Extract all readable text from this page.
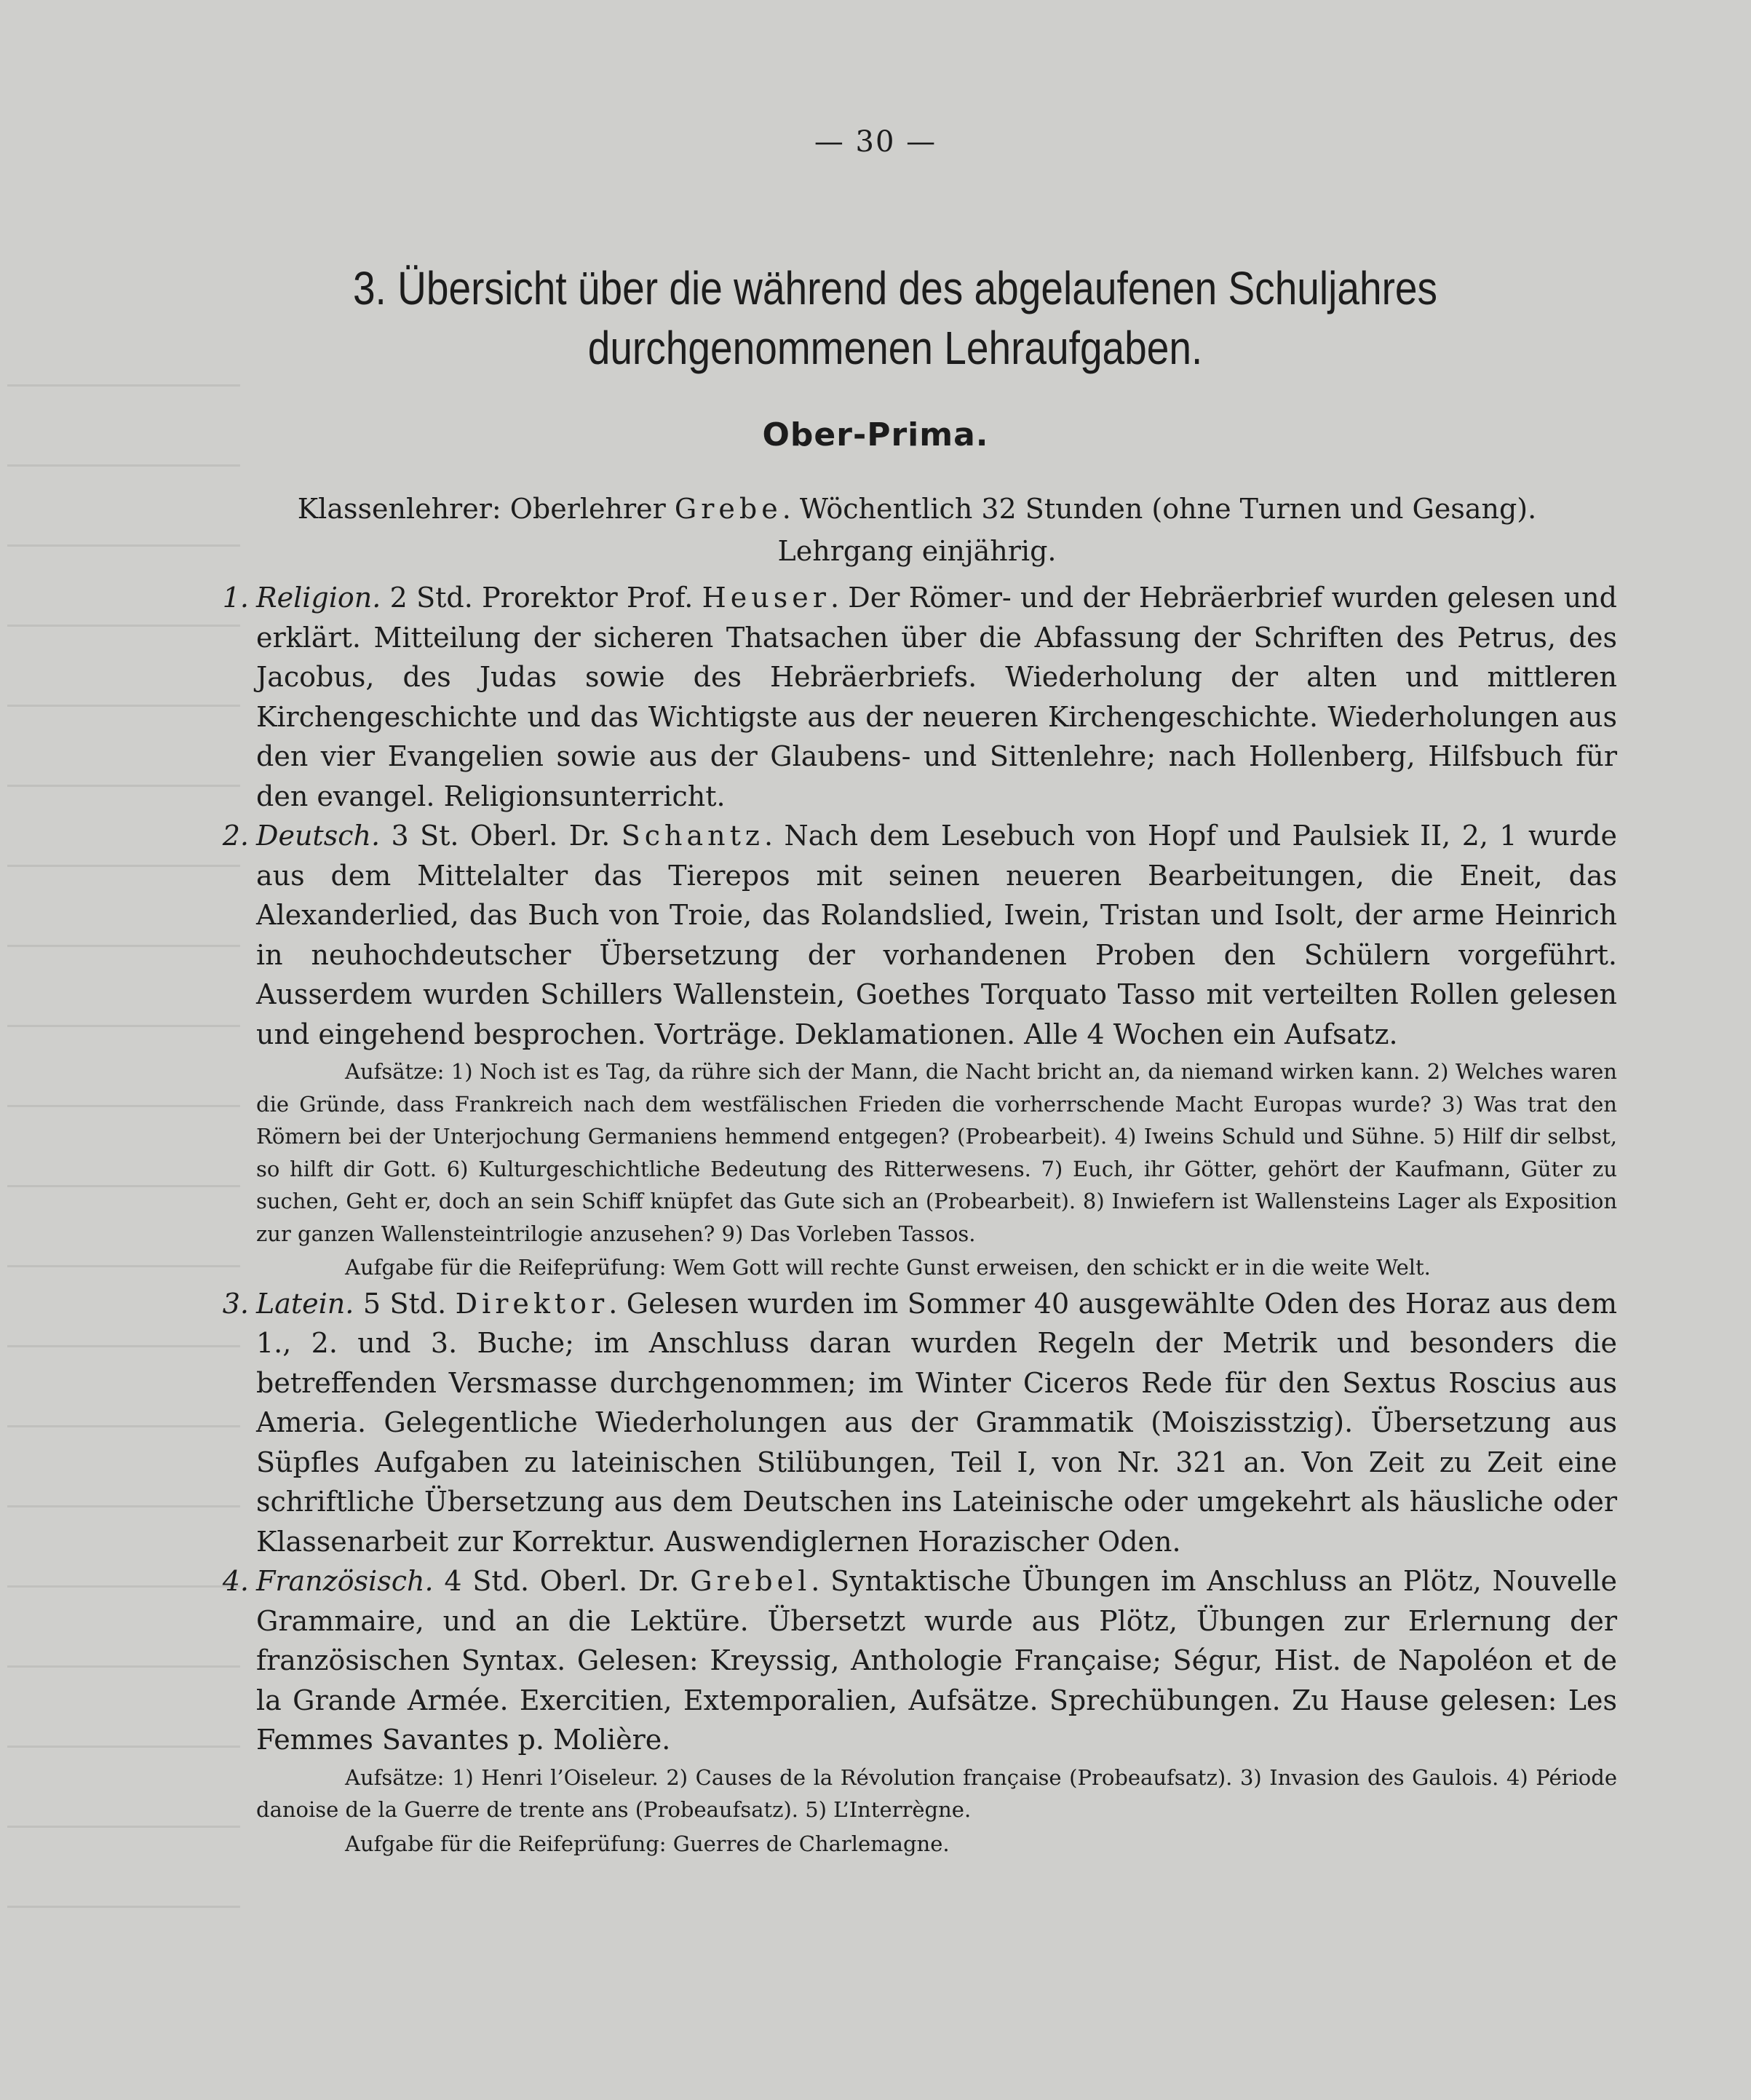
— 30 —
3. Übersicht über die während des abgelaufenen Schuljahres
durchgenommenen Lehraufgaben.
Ober-Prima.
Klassenlehrer: Oberlehrer Grebe. Wöchentlich 32 Stunden (ohne Turnen und Gesang).
Lehrgang einjährig.

1. Religion. 2 Std. Prorektor Prof. Heuser. Der Römer- und der Hebräerbrief wurden gelesen und erklärt. Mitteilung der sicheren Thatsachen über die Abfassung der Schriften des Petrus, des Jacobus, des Judas sowie des Hebräerbriefs. Wiederholung der alten und mittleren Kirchengeschichte und das Wichtigste aus der neueren Kirchengeschichte. Wiederholungen aus den vier Evangelien sowie aus der Glaubens- und Sittenlehre; nach Hollenberg, Hilfsbuch für den evangel. Religionsunterricht.

2. Deutsch. 3 St. Oberl. Dr. Schantz. Nach dem Lesebuch von Hopf und Paulsiek II, 2, 1 wurde aus dem Mittelalter das Tierepos mit seinen neueren Bearbeitungen, die Eneit, das Alexanderlied, das Buch von Troie, das Rolandslied, Iwein, Tristan und Isolt, der arme Heinrich in neuhochdeutscher Übersetzung der vorhandenen Proben den Schülern vorgeführt. Ausserdem wurden Schillers Wallenstein, Goethes Torquato Tasso mit verteilten Rollen gelesen und eingehend besprochen. Vorträge. Deklamationen. Alle 4 Wochen ein Aufsatz.

Aufsätze: 1) Noch ist es Tag, da rühre sich der Mann, die Nacht bricht an, da niemand wirken kann. 2) Welches waren die Gründe, dass Frankreich nach dem westfälischen Frieden die vorherrschende Macht Europas wurde? 3) Was trat den Römern bei der Unterjochung Germaniens hemmend entgegen? (Probearbeit). 4) Iweins Schuld und Sühne. 5) Hilf dir selbst, so hilft dir Gott. 6) Kulturgeschichtliche Bedeutung des Ritterwesens. 7) Euch, ihr Götter, gehört der Kaufmann, Güter zu suchen, Geht er, doch an sein Schiff knüpfet das Gute sich an (Probearbeit). 8) Inwiefern ist Wallensteins Lager als Exposition zur ganzen Wallensteintrilogie anzusehen? 9) Das Vorleben Tassos.

Aufgabe für die Reifeprüfung: Wem Gott will rechte Gunst erweisen, den schickt er in die weite Welt.

3. Latein. 5 Std. Direktor. Gelesen wurden im Sommer 40 ausgewählte Oden des Horaz aus dem 1., 2. und 3. Buche; im Anschluss daran wurden Regeln der Metrik und besonders die betreffenden Versmasse durchgenommen; im Winter Ciceros Rede für den Sextus Roscius aus Ameria. Gelegentliche Wiederholungen aus der Grammatik (Moiszisstzig). Übersetzung aus Süpfles Aufgaben zu lateinischen Stilübungen, Teil I, von Nr. 321 an. Von Zeit zu Zeit eine schriftliche Übersetzung aus dem Deutschen ins Lateinische oder umgekehrt als häusliche oder Klassenarbeit zur Korrektur. Auswendiglernen Horazischer Oden.

4. Französisch. 4 Std. Oberl. Dr. Grebel. Syntaktische Übungen im Anschluss an Plötz, Nouvelle Grammaire, und an die Lektüre. Übersetzt wurde aus Plötz, Übungen zur Erlernung der französischen Syntax. Gelesen: Kreyssig, Anthologie Française; Ségur, Hist. de Napoléon et de la Grande Armée. Exercitien, Extemporalien, Aufsätze. Sprechübungen. Zu Hause gelesen: Les Femmes Savantes p. Molière.

Aufsätze: 1) Henri l’Oiseleur. 2) Causes de la Révolution française (Probeaufsatz). 3) Invasion des Gaulois. 4) Période danoise de la Guerre de trente ans (Probeaufsatz). 5) L’Interrègne.

Aufgabe für die Reifeprüfung: Guerres de Charlemagne.
